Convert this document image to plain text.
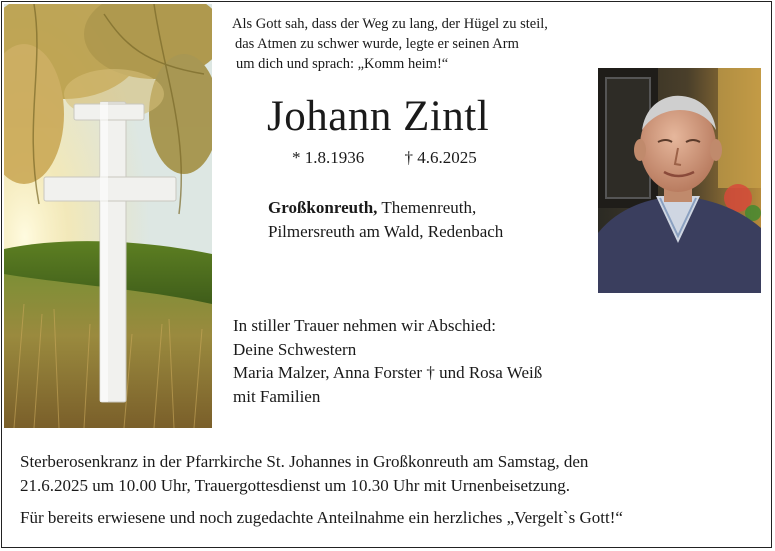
Als Gott sah, dass der Weg zu lang, der Hügel zu steil,
das Atmen zu schwer wurde, legte er seinen Arm
um dich und sprach: „Komm heim!“
Johann Zintl
* 1.8.1936 † 4.6.2025
Großkonreuth, Themenreuth,
Pilmersreuth am Wald, Redenbach
In stiller Trauer nehmen wir Abschied:
Deine Schwestern
Maria Malzer, Anna Forster † und Rosa Weiß
mit Familien
Sterberosenkranz in der Pfarrkirche St. Johannes in Großkonreuth am Samstag, den
21.6.2025 um 10.00 Uhr, Trauergottesdienst um 10.30 Uhr mit Urnenbeisetzung.
Für bereits erwiesene und noch zugedachte Anteilnahme ein herzliches „Vergelt`s Gott!“
